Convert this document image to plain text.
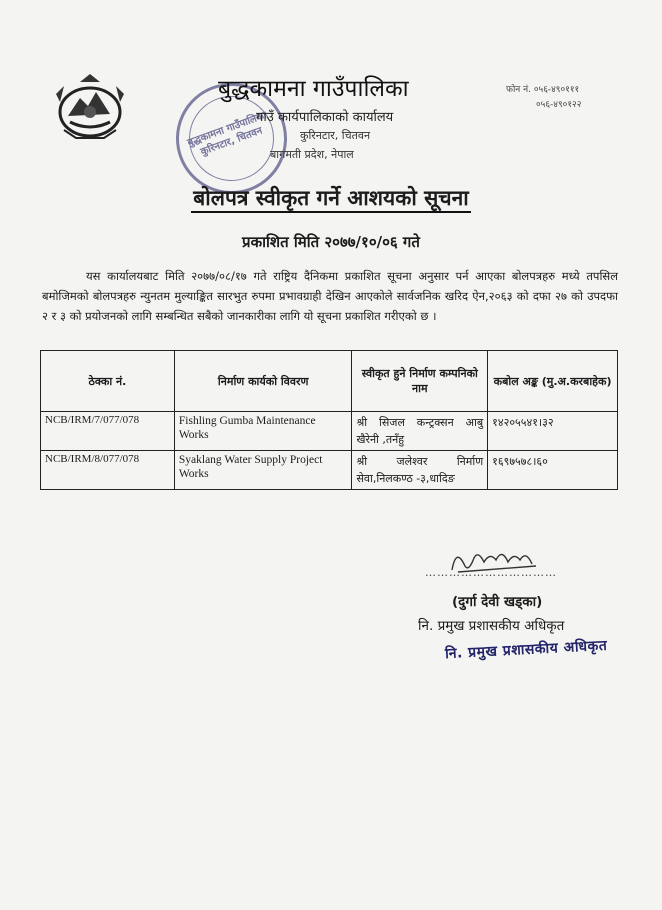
बुद्धकामना गाउँपालिका कुरिनटार, चितवन
बुद्धकामना गाउँपालिका
गाउँ कार्यपालिकाको कार्यालय
कुरिनटार, चितवन
बागमती प्रदेश, नेपाल
फोन नं. ०५६-४९०१११
०५६-४९०१२२
बोलपत्र स्वीकृत गर्ने आशयको सूचना
प्रकाशित मिति २०७७/१०/०६ गते
यस कार्यालयबाट मिति २०७७/०८/१७ गते राष्ट्रिय दैनिकमा प्रकाशित सूचना अनुसार पर्न आएका बोलपत्रहरु मध्ये तपसिल बमोजिमको बोलपत्रहरु न्युनतम मुल्याङ्कित सारभुत रुपमा प्रभावग्राही देखिन आएकोले सार्वजनिक खरिद ऐन,२०६३ को दफा २७ को उपदफा २ र ३ को प्रयोजनको लागि सम्बन्धित सबैको जानकारीका लागि यो सूचना प्रकाशित गरीएको छ ।
ठेक्का नं.	निर्माण कार्यको विवरण	स्वीकृत हुने निर्माण कम्पनिको नाम	कबोल अङ्क (मु.अ.करबाहेक)
NCB/IRM/7/077/078	Fishling Gumba Maintenance Works	श्री सिजल कन्ट्रक्सन आबु खैरेनी ,तनँहु	१४२०५५४१।३२
NCB/IRM/8/077/078	Syaklang Water Supply Project Works	श्री जलेश्वर निर्माण सेवा,निलकण्ठ -३,धादिङ	१६९७५७८।६०
……………………………
(दुर्गा देवी खड्का)
नि. प्रमुख प्रशासकीय अधिकृत
नि. प्रमुख प्रशासकीय अधिकृत
